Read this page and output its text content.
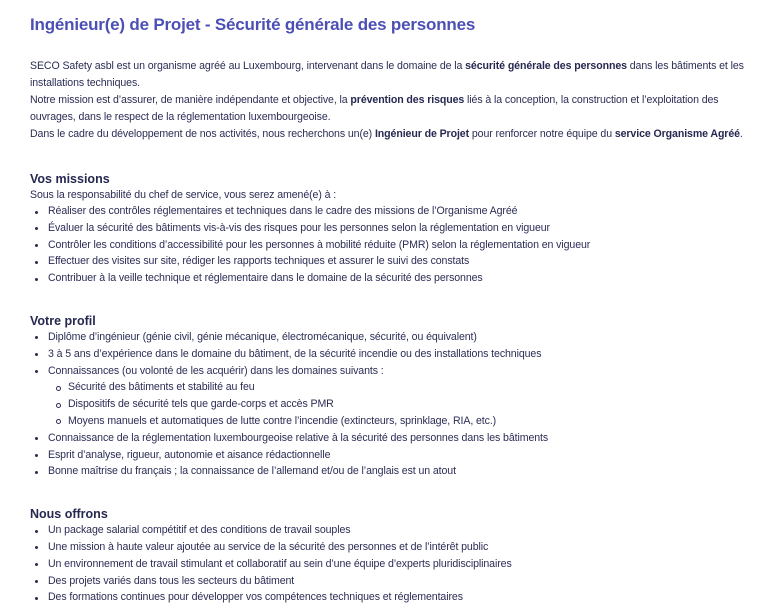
Ingénieur(e) de Projet - Sécurité générale des personnes

SECO Safety asbl est un organisme agréé au Luxembourg, intervenant dans le domaine de la sécurité générale des personnes dans les bâtiments et les installations techniques.

Notre mission est d’assurer, de manière indépendante et objective, la prévention des risques liés à la conception, la construction et l’exploitation des ouvrages, dans le respect de la réglementation luxembourgeoise.

Dans le cadre du développement de nos activités, nous recherchons un(e) Ingénieur de Projet pour renforcer notre équipe du service Organisme Agréé.

Vos missions
Sous la responsabilité du chef de service, vous serez amené(e) à :
Réaliser des contrôles réglementaires et techniques dans le cadre des missions de l’Organisme Agréé
Évaluer la sécurité des bâtiments vis-à-vis des risques pour les personnes selon la réglementation en vigueur
Contrôler les conditions d’accessibilité pour les personnes à mobilité réduite (PMR) selon la réglementation en vigueur
Effectuer des visites sur site, rédiger les rapports techniques et assurer le suivi des constats
Contribuer à la veille technique et réglementaire dans le domaine de la sécurité des personnes
Votre profil
Diplôme d’ingénieur (génie civil, génie mécanique, électromécanique, sécurité, ou équivalent)
3 à 5 ans d’expérience dans le domaine du bâtiment, de la sécurité incendie ou des installations techniques
Connaissances (ou volonté de les acquérir) dans les domaines suivants :
Sécurité des bâtiments et stabilité au feu
Dispositifs de sécurité tels que garde-corps et accès PMR
Moyens manuels et automatiques de lutte contre l’incendie (extincteurs, sprinklage, RIA, etc.)
Connaissance de la réglementation luxembourgeoise relative à la sécurité des personnes dans les bâtiments
Esprit d’analyse, rigueur, autonomie et aisance rédactionnelle
Bonne maîtrise du français ; la connaissance de l’allemand et/ou de l’anglais est un atout
Nous offrons
Un package salarial compétitif et des conditions de travail souples
Une mission à haute valeur ajoutée au service de la sécurité des personnes et de l’intérêt public
Un environnement de travail stimulant et collaboratif au sein d’une équipe d’experts pluridisciplinaires
Des projets variés dans tous les secteurs du bâtiment
Des formations continues pour développer vos compétences techniques et réglementaires
